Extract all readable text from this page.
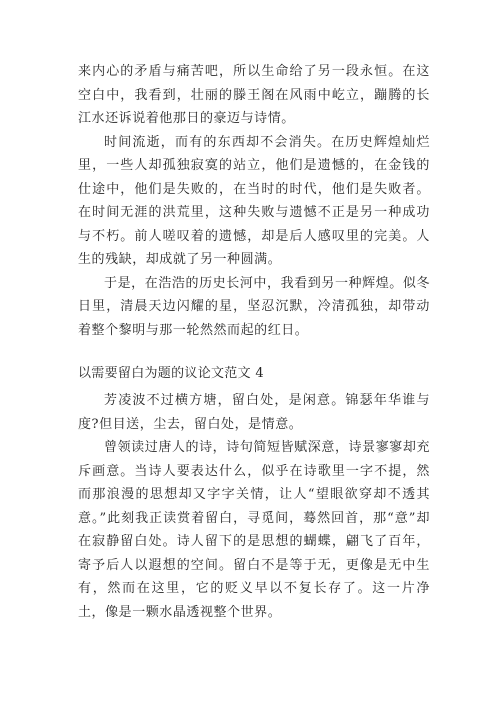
来内心的矛盾与痛苦吧，所以生命给了另一段永恒。在这空白中，我看到，壮丽的滕王阁在风雨中屹立，蹦腾的长江水还诉说着他那日的豪迈与诗情。

时间流逝，而有的东西却不会消失。在历史辉煌灿烂里，一些人却孤独寂寞的站立，他们是遗憾的，在金钱的仕途中，他们是失败的，在当时的时代，他们是失败者。在时间无涯的洪荒里，这种失败与遗憾不正是另一种成功与不朽。前人嗟叹着的遗憾，却是后人感叹里的完美。人生的残缺，却成就了另一种圆满。

于是，在浩浩的历史长河中，我看到另一种辉煌。似冬日里，清晨天边闪耀的星，坚忍沉默，冷清孤独，却带动着整个黎明与那一轮然然而起的红日。

以需要留白为题的议论文范文 4

芳凌波不过横方塘，留白处，是闲意。锦瑟年华谁与度?但目送，尘去，留白处，是情意。

曾领读过唐人的诗，诗句简短皆赋深意，诗景寥寥却充斥画意。当诗人要表达什么，似乎在诗歌里一字不提，然而那浪漫的思想却又字字关情，让人“望眼欲穿却不透其意。”此刻我正读赏着留白，寻觅间，蓦然回首，那“意”却在寂静留白处。诗人留下的是思想的蝴蝶，翩飞了百年，寄予后人以遐想的空间。留白不是等于无，更像是无中生有，然而在这里，它的贬义早以不复长存了。这一片净土，像是一颗水晶透视整个世界。
